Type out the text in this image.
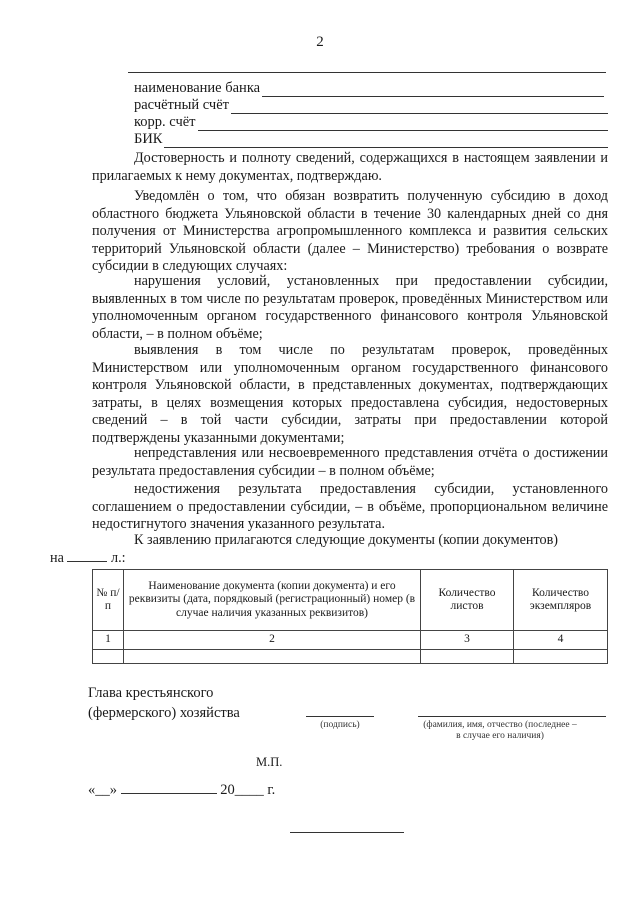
2
наименование банка
расчётный счёт
корр. счёт
БИК

Достоверность и полноту сведений, содержащихся в настоящем заявлении и прилагаемых к нему документах, подтверждаю.

Уведомлён о том, что обязан возвратить полученную субсидию в доход областного бюджета Ульяновской области в течение 30 календарных дней со дня получения от Министерства агропромышленного комплекса и развития сельских территорий Ульяновской области (далее – Министерство) требования о возврате субсидии в следующих случаях:

нарушения условий, установленных при предоставлении субсидии, выявленных в том числе по результатам проверок, проведённых Министерством или уполномоченным органом государственного финансового контроля Ульяновской области, – в полном объёме;

выявления в том числе по результатам проверок, проведённых Министерством или уполномоченным органом государственного финансового контроля Ульяновской области, в представленных документах, подтверждающих затраты, в целях возмещения которых предоставлена субсидия, недостоверных сведений – в той части субсидии, затраты при предоставлении которой подтверждены указанными документами;

непредставления или несвоевременного представления отчёта о достижении результата предоставления субсидии – в полном объёме;

недостижения результата предоставления субсидии, установленного соглашением о предоставлении субсидии, – в объёме, пропорциональном величине недостигнутого значения указанного результата.

К заявлению прилагаются следующие документы (копии документов)
на	л.:

№ п/п	Наименование документа (копии документа) и его реквизиты (дата, порядковый (регистрационный) номер (в случае наличия указанных реквизитов)	Количество листов	Количество экземпляров
1	2	3	4

Глава крестьянского
(фермерского) хозяйства
(подпись)	(фамилия, имя, отчество (последнее – в случае его наличия)
М.П.
«__»	20____ г.
